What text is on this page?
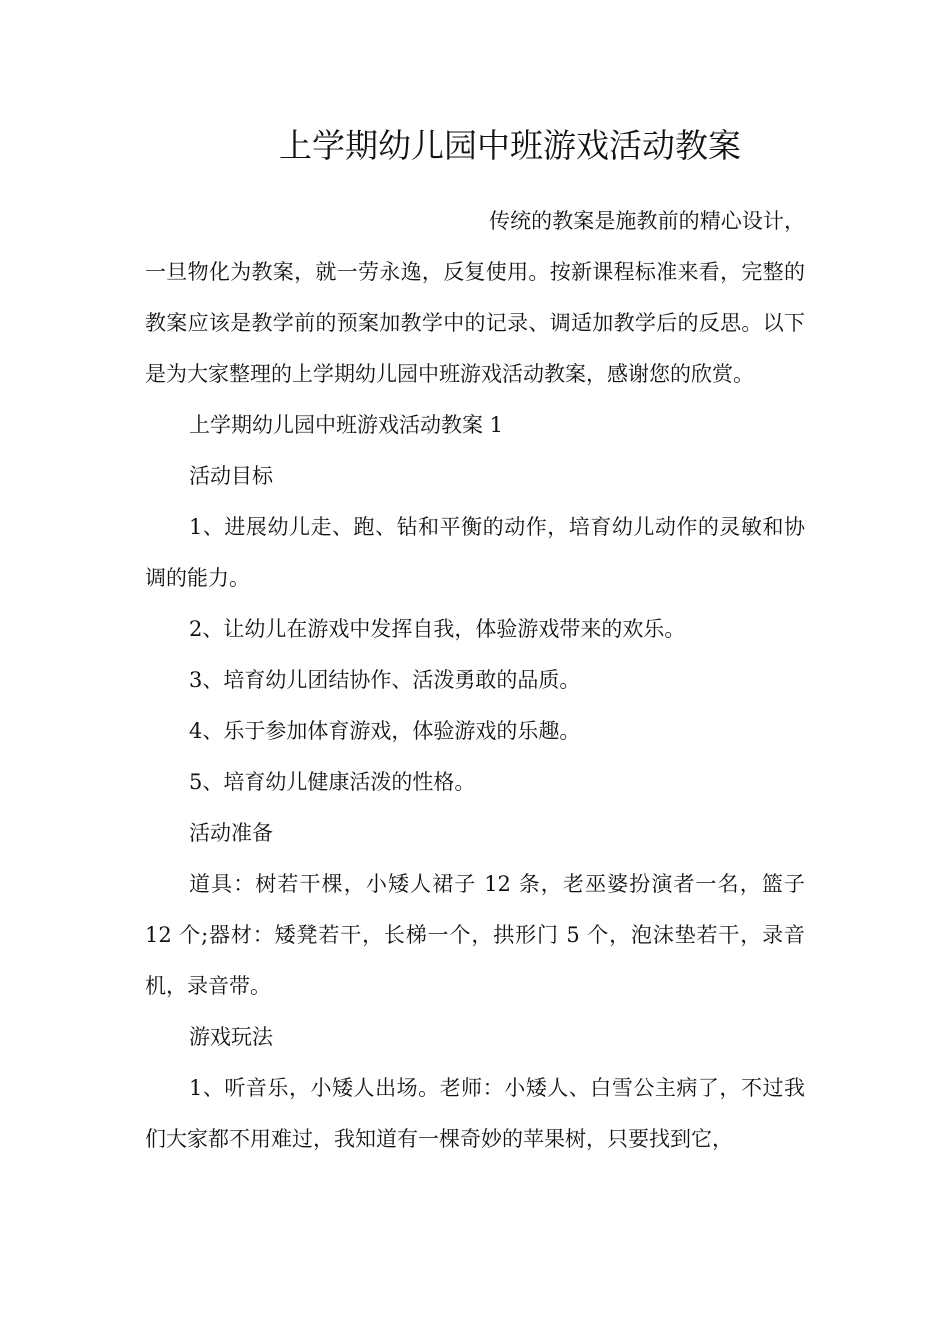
上学期幼儿园中班游戏活动教案

传统的教案是施教前的精心设计，一旦物化为教案，就一劳永逸，反复使用。按新课程标准来看，完整的教案应该是教学前的预案加教学中的记录、调适加教学后的反思。以下是为大家整理的上学期幼儿园中班游戏活动教案，感谢您的欣赏。

上学期幼儿园中班游戏活动教案 1

活动目标

1、进展幼儿走、跑、钻和平衡的动作，培育幼儿动作的灵敏和协调的能力。

2、让幼儿在游戏中发挥自我，体验游戏带来的欢乐。

3、培育幼儿团结协作、活泼勇敢的品质。

4、乐于参加体育游戏，体验游戏的乐趣。

5、培育幼儿健康活泼的性格。

活动准备

道具：树若干棵，小矮人裙子 12 条，老巫婆扮演者一名，篮子 12 个;器材：矮凳若干，长梯一个，拱形门 5 个，泡沫垫若干，录音机，录音带。

游戏玩法

1、听音乐，小矮人出场。老师：小矮人、白雪公主病了，不过我们大家都不用难过，我知道有一棵奇妙的苹果树，只要找到它，
